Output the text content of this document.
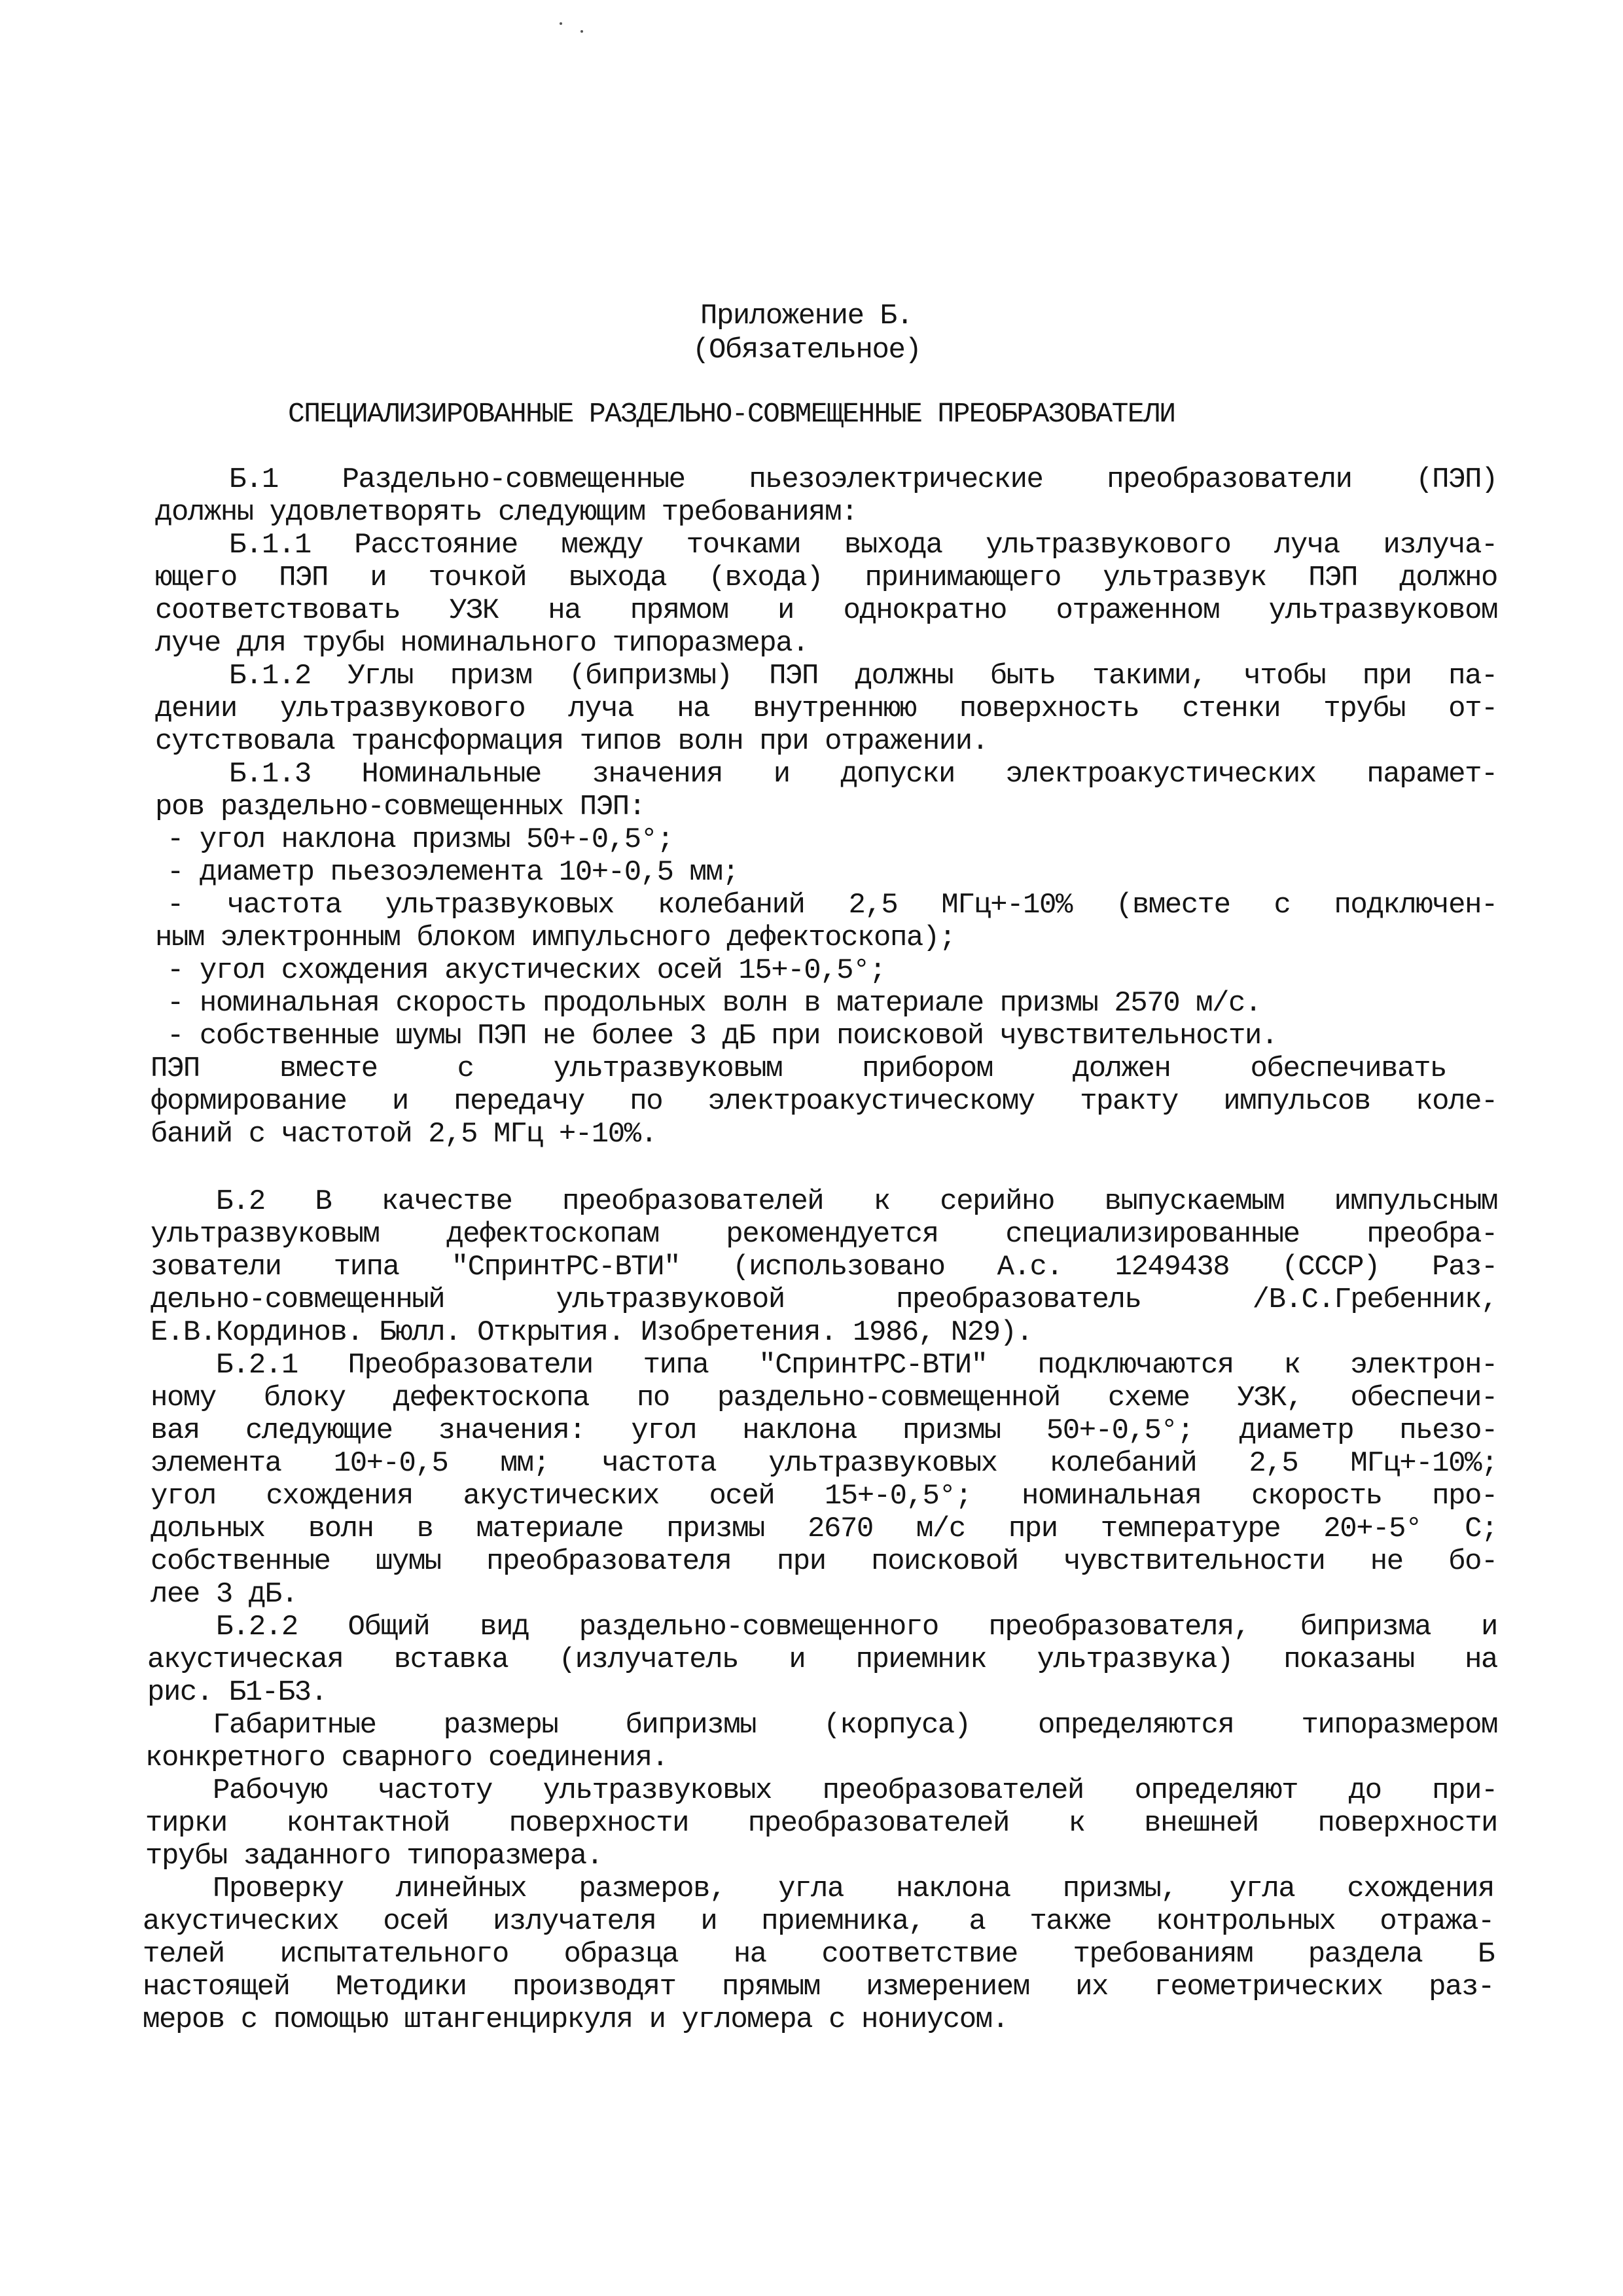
Приложение Б.
(Обязательное)
СПЕЦИАЛИЗИРОВАННЫЕ РАЗДЕЛЬНО-СОВМЕЩЕННЫЕ ПРЕОБРАЗОВАТЕЛИ
Б.1 Раздельно-совмещенные пьезоэлектрические преобразователи (ПЭП)
должны удовлетворять следующим требованиям:
Б.1.1 Расстояние между точками выхода ультразвукового луча излуча-
ющего ПЭП и точкой выхода (входа) принимающего ультразвук ПЭП должно
соответствовать УЗК на прямом и однократно отраженном ультразвуковом
луче для трубы номинального типоразмера.
Б.1.2 Углы призм (бипризмы) ПЭП должны быть такими, чтобы при па-
дении ультразвукового луча на внутреннюю поверхность стенки трубы от-
сутствовала трансформация типов волн при отражении.
Б.1.3 Номинальные значения и допуски электроакустических парамет-
ров раздельно-совмещенных ПЭП:
- угол наклона призмы 50+-0,5°;
- диаметр пьезоэлемента 10+-0,5 мм;
- частота ультразвуковых колебаний 2,5 МГц+-10% (вместе с подключен-
ным электронным блоком импульсного дефектоскопа);
- угол схождения акустических осей 15+-0,5°;
- номинальная скорость продольных волн в материале призмы 2570 м/с.
- собственные шумы ПЭП не более 3 дБ при поисковой чувствительности.
ПЭП вместе с ультразвуковым прибором должен обеспечивать
формирование и передачу по электроакустическому тракту импульсов коле-
баний с частотой 2,5 МГц +-10%.
Б.2 В качестве преобразователей к серийно выпускаемым импульсным
ультразвуковым дефектоскопам рекомендуется специализированные преобра-
зователи типа "СпринтРС-ВТИ" (использовано А.с. 1249438 (СССР) Раз-
дельно-совмещенный ультразвуковой преобразователь /В.С.Гребенник,
Е.В.Кординов. Бюлл. Открытия. Изобретения. 1986, N29).
Б.2.1 Преобразователи типа "СпринтРС-ВТИ" подключаются к электрон-
ному блоку дефектоскопа по раздельно-совмещенной схеме УЗК, обеспечи-
вая следующие значения: угол наклона призмы 50+-0,5°; диаметр пьезо-
элемента 10+-0,5 мм; частота ультразвуковых колебаний 2,5 МГц+-10%;
угол схождения акустических осей 15+-0,5°; номинальная скорость про-
дольных волн в материале призмы 2670 м/с при температуре 20+-5° С;
собственные шумы преобразователя при поисковой чувствительности не бо-
лее 3 дБ.
Б.2.2 Общий вид раздельно-совмещенного преобразователя, бипризма и
акустическая вставка (излучатель и приемник ультразвука) показаны на
рис. Б1-Б3.
Габаритные размеры бипризмы (корпуса) определяются типоразмером
конкретного сварного соединения.
Рабочую частоту ультразвуковых преобразователей определяют до при-
тирки контактной поверхности преобразователей к внешней поверхности
трубы заданного типоразмера.
Проверку линейных размеров, угла наклона призмы, угла схождения
акустических осей излучателя и приемника, а также контрольных отража-
телей испытательного образца на соответствие требованиям раздела Б
настоящей Методики производят прямым измерением их геометрических раз-
меров с помощью штангенциркуля и угломера с нониусом.
